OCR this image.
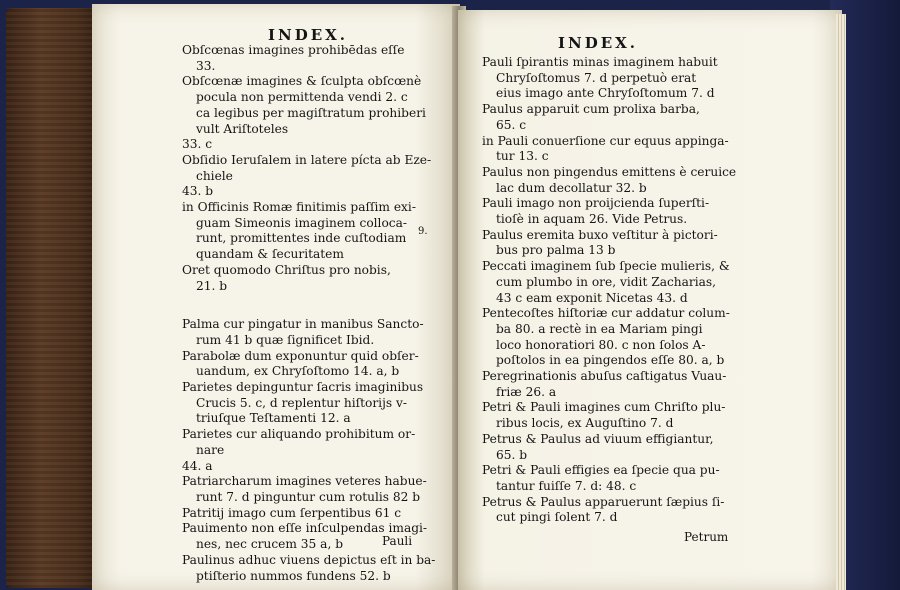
INDEX.
Obſcœnas imagines prohibēdas eſſe
33.
Obſcœnæ imagines & ſculpta obſcœnè
pocula non permittenda vendi 2. c
ca legibus per magiſtratum prohiberi
vult Ariſtoteles
33. c
Obſidio Ieruſalem in latere pícta ab Eze-
chiele
43. b
in Officinis Romæ finitimis paſſim exi-
guam Simeonis imaginem colloca-
runt, promittentes inde cuſtodiam
quandam & ſecuritatem
Oret quomodo Chriſtus pro nobis,
21. b
Palma cur pingatur in manibus Sancto-
rum 41 b quæ ſignificet Ibid.
Parabolæ dum exponuntur quid obſer-
uandum, ex Chryſoſtomo 14. a, b
Parietes depinguntur ſacris imaginibus
Crucis 5. c, d replentur hiſtorijs v-
triuſque Teſtamenti 12. a
Parietes cur aliquando prohibitum or-
nare
44. a
Patriarcharum imagines veteres habue-
runt 7. d pinguntur cum rotulis 82 b
Patritij imago cum ſerpentibus 61 c
Pauimento non eſſe inſculpendas imagi-
nes, nec crucem 35 a, b
Paulinus adhuc viuens depictus eſt in ba-
ptiſterio nummos fundens 52. b
9.
Pauli
INDEX.
Pauli ſpirantis minas imaginem habuit
Chryſoſtomus 7. d perpetuò erat
eius imago ante Chryſoſtomum 7. d
Paulus apparuit cum prolixa barba,
65. c
in Pauli conuerſione cur equus appinga-
tur 13. c
Paulus non pingendus emittens è ceruice
lac dum decollatur 32. b
Pauli imago non proijcienda ſuperſti-
tioſè in aquam 26. Vide Petrus.
Paulus eremita buxo veſtitur à pictori-
bus pro palma 13 b
Peccati imaginem ſub ſpecie mulieris, &
cum plumbo in ore, vidit Zacharias,
43 c eam exponit Nicetas 43. d
Pentecoſtes hiſtoriæ cur addatur colum-
ba 80. a rectè in ea Mariam pingi
loco honoratiori 80. c non ſolos A-
poſtolos in ea pingendos eſſe 80. a, b
Peregrinationis abuſus caſtigatus Vuau-
friæ 26. a
Petri & Pauli imagines cum Chriſto plu-
ribus locis, ex Auguſtino 7. d
Petrus & Paulus ad viuum effigiantur,
65. b
Petri & Pauli effigies ea ſpecie qua pu-
tantur fuiſſe 7. d: 48. c
Petrus & Paulus apparuerunt ſæpius ſi-
cut pingi ſolent 7. d
Petrum
